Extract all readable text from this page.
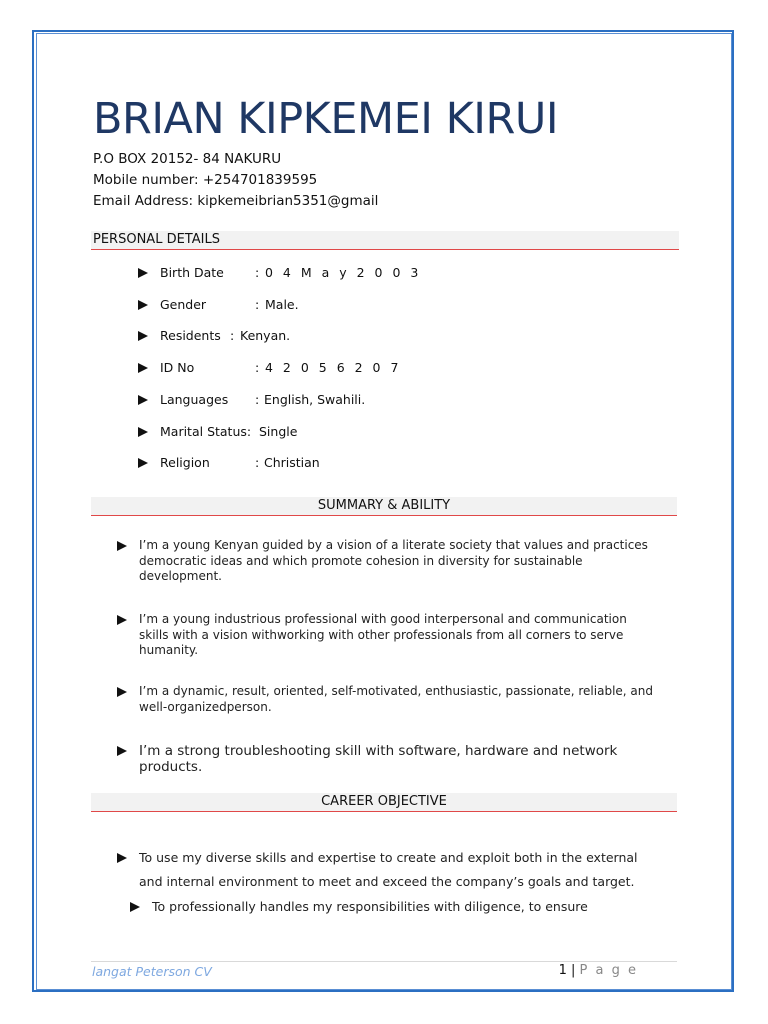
BRIAN KIPKEMEI KIRUI
P.O BOX 20152- 84 NAKURU
Mobile number: +254701839595
Email Address: kipkemeibrian5351@gmail
PERSONAL DETAILS
Birth Date : 0 4 M a y 2 0 0 3
Gender	: Male.
Residents : Kenyan.
ID No	: 4 2 0 5 6 2 0 7
Languages : English, Swahili.
Marital Status: Single
Religion	: Christian
SUMMARY & ABILITY
I’m a young Kenyan guided by a vision of a literate society that values and practices democratic ideas and which promote cohesion in diversity for sustainable development.
I’m a young industrious professional with good interpersonal and communication skills with a vision withworking with other professionals from all corners to serve humanity.
I’m a dynamic, result, oriented, self-motivated, enthusiastic, passionate, reliable, and well-organizedperson.
I’m a strong troubleshooting skill with software, hardware and network products.
CAREER OBJECTIVE
To use my diverse skills and expertise to create and exploit both in the external and internal environment to meet and exceed the company’s goals and target.
To professionally handles my responsibilities with diligence, to ensure
langat Peterson CV	1 | P a g e
